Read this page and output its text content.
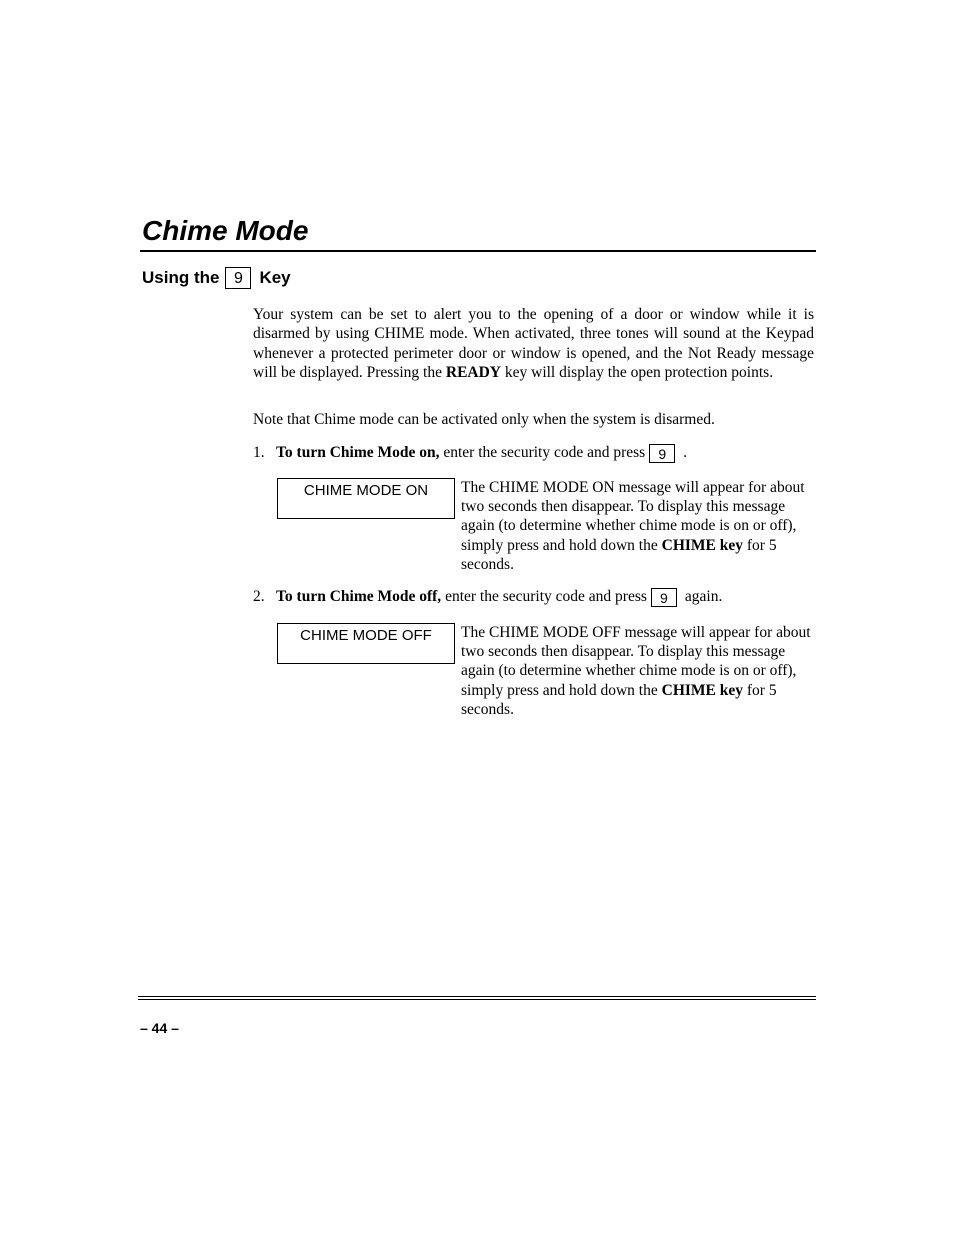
Chime Mode
Using the 9 Key

Your system can be set to alert you to the opening of a door or window while it is disarmed by using CHIME mode. When activated, three tones will sound at the Keypad whenever a protected perimeter door or window is opened, and the Not Ready message will be displayed. Pressing the READY key will display the open protection points.

Note that Chime mode can be activated only when the system is disarmed.

1. To turn Chime Mode on, enter the security code and press 9	.
CHIME MODE ON	The CHIME MODE ON message will appear for about two seconds then disappear. To display this message again (to determine whether chime mode is on or off), simply press and hold down the CHIME key for 5 seconds.

2. To turn Chime Mode off, enter the security code and press 9	again.
CHIME MODE OFF	The CHIME MODE OFF message will appear for about two seconds then disappear. To display this message again (to determine whether chime mode is on or off), simply press and hold down the CHIME key for 5 seconds.

– 44 –
